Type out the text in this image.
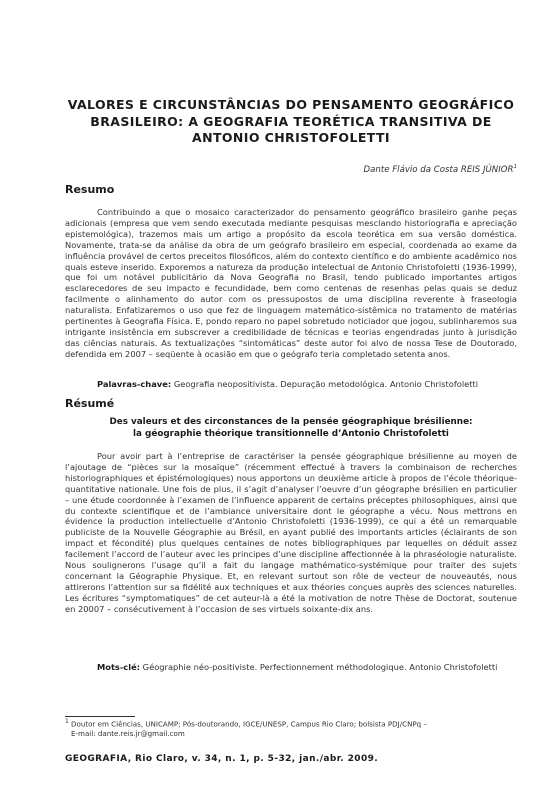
VALORES E CIRCUNSTÂNCIAS DO PENSAMENTO GEOGRÁFICO
BRASILEIRO: A GEOGRAFIA TEORÉTICA TRANSITIVA DE
ANTONIO CHRISTOFOLETTI
Dante Flávio da Costa REIS JÚNIOR$^1$
Resumo

Contribuindo a que o mosaico caracterizador do pensamento geográfico brasileiro ganhe peças adicionais (empresa que vem sendo executada mediante pesquisas mesclando historiografia e apreciação epistemológica), trazemos mais um artigo a propósito da escola teorética em sua versão doméstica. Novamente, trata-se da análise da obra de um geógrafo brasileiro em especial, coordenada ao exame da influência provável de certos preceitos filosóficos, além do contexto científico e do ambiente acadêmico nos quais esteve inserido. Exporemos a natureza da produção intelectual de Antonio Christofoletti (1936-1999), que foi um notável publicitário da Nova Geografia no Brasil, tendo publicado importantes artigos esclarecedores de seu impacto e fecundidade, bem como centenas de resenhas pelas quais se deduz facilmente o alinhamento do autor com os pressupostos de uma disciplina reverente à fraseologia naturalista. Enfatizaremos o uso que fez de linguagem matemático-sistêmica no tratamento de matérias pertinentes à Geografia Física. E, pondo reparo no papel sobretudo noticiador que jogou, sublinharemos sua intrigante insistência em subscrever a credibilidade de técnicas e teorias engendradas junto à jurisdição das ciências naturais. As textualizações “sintomáticas” deste autor foi alvo de nossa Tese de Doutorado, defendida em 2007 – seqüente à ocasião em que o geógrafo teria completado setenta anos.

Palavras-chave: Geografia neopositivista. Depuração metodológica. Antonio Christofoletti
Résumé
Des valeurs et des circonstances de la pensée géographique brésilienne:
la géographie théorique transitionnelle d’Antonio Christofoletti

Pour avoir part à l’entreprise de caractériser la pensée géographique brésilienne au moyen de l’ajoutage de “pièces sur la mosaïque” (récemment effectué à travers la combinaison de recherches historiographiques et épistémologiques) nous apportons un deuxième article à propos de l’école théorique-quantitative nationale. Une fois de plus, il s’agit d’analyser l’oeuvre d’un géographe brésilien en particulier – une étude coordonnée à l’examen de l’influence apparent de certains préceptes philosophiques, ainsi que du contexte scientifique et de l’ambiance universitaire dont le géographe a vécu. Nous mettrons en évidence la production intellectuelle d’Antonio Christofoletti (1936-1999), ce qui a été un remarquable publiciste de la Nouvelle Géographie au Brésil, en ayant publié des importants articles (éclairants de son impact et fécondité) plus quelques centaines de notes bibliographiques par lequelles on déduit assez facilement l’accord de l’auteur avec les principes d’une discipline affectionnée à la phraséologie naturaliste. Nous soulignerons l’usage qu’il a fait du langage mathématico-systémique pour traiter des sujets concernant la Géographie Physique. Et, en relevant surtout son rôle de vecteur de nouveautés, nous attirerons l’attention sur sa fidélité aux techniques et aux théories conçues auprès des sciences naturelles. Les écritures “symptomatiques” de cet auteur-là a été la motivation de notre Thèse de Doctorat, soutenue en 20007 – consécutivement à l’occasion de ses virtuels soixante-dix ans.

Mots-clé: Géographie néo-positiviste. Perfectionnement méthodologique. Antonio Christofoletti
$^1$ Doutor em Ciências, UNICAMP; Pós-doutorando, IGCE/UNESP, Campus Rio Claro; bolsista PDJ/CNPq –
E-mail: dante.reis.jr@gmail.com
GEOGRAFIA, Rio Claro, v. 34, n. 1, p. 5-32, jan./abr. 2009.
